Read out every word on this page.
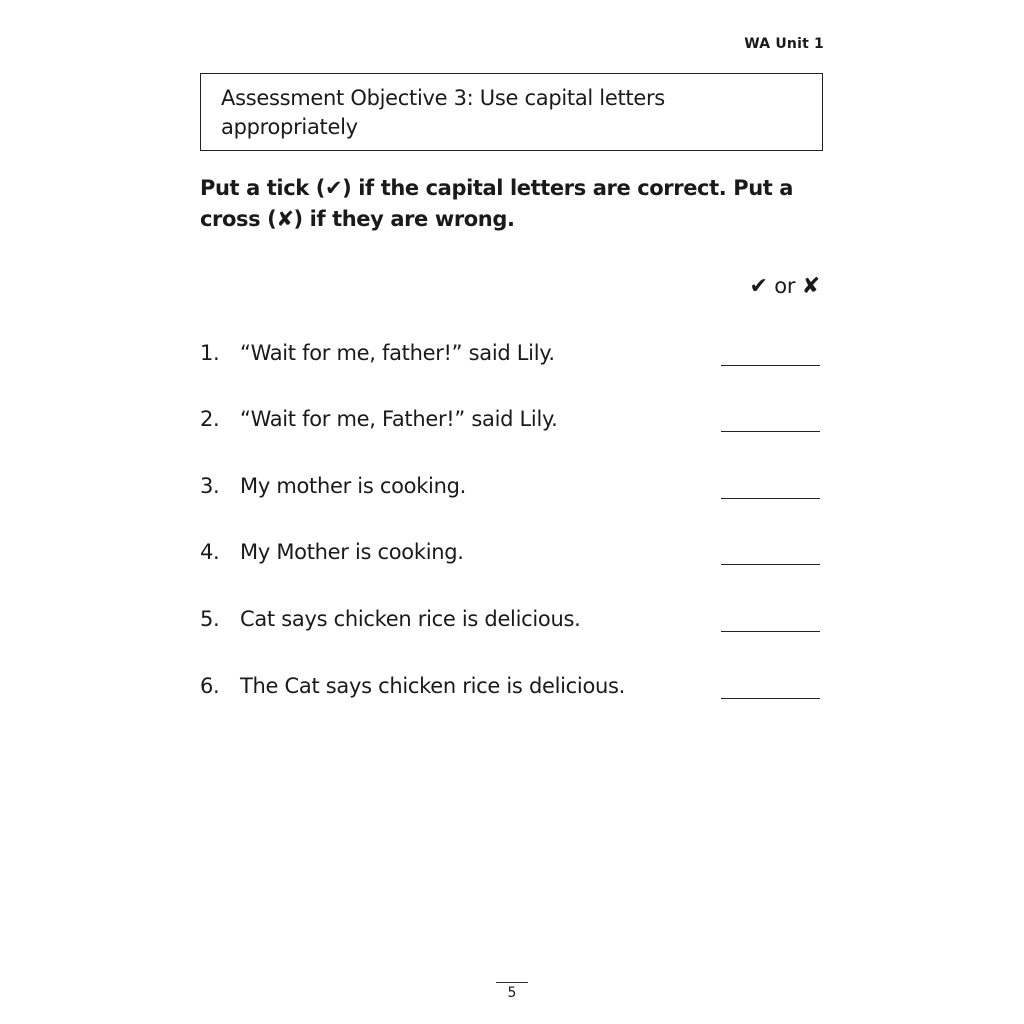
WA Unit 1
Assessment Objective 3: Use capital letters
appropriately
Put a tick (✔) if the capital letters are correct. Put a cross (✘) if they are wrong.
✔ or ✘
1. “Wait for me, father!” said Lily.
2. “Wait for me, Father!” said Lily.
3. My mother is cooking.
4. My Mother is cooking.
5. Cat says chicken rice is delicious.
6. The Cat says chicken rice is delicious.
5
